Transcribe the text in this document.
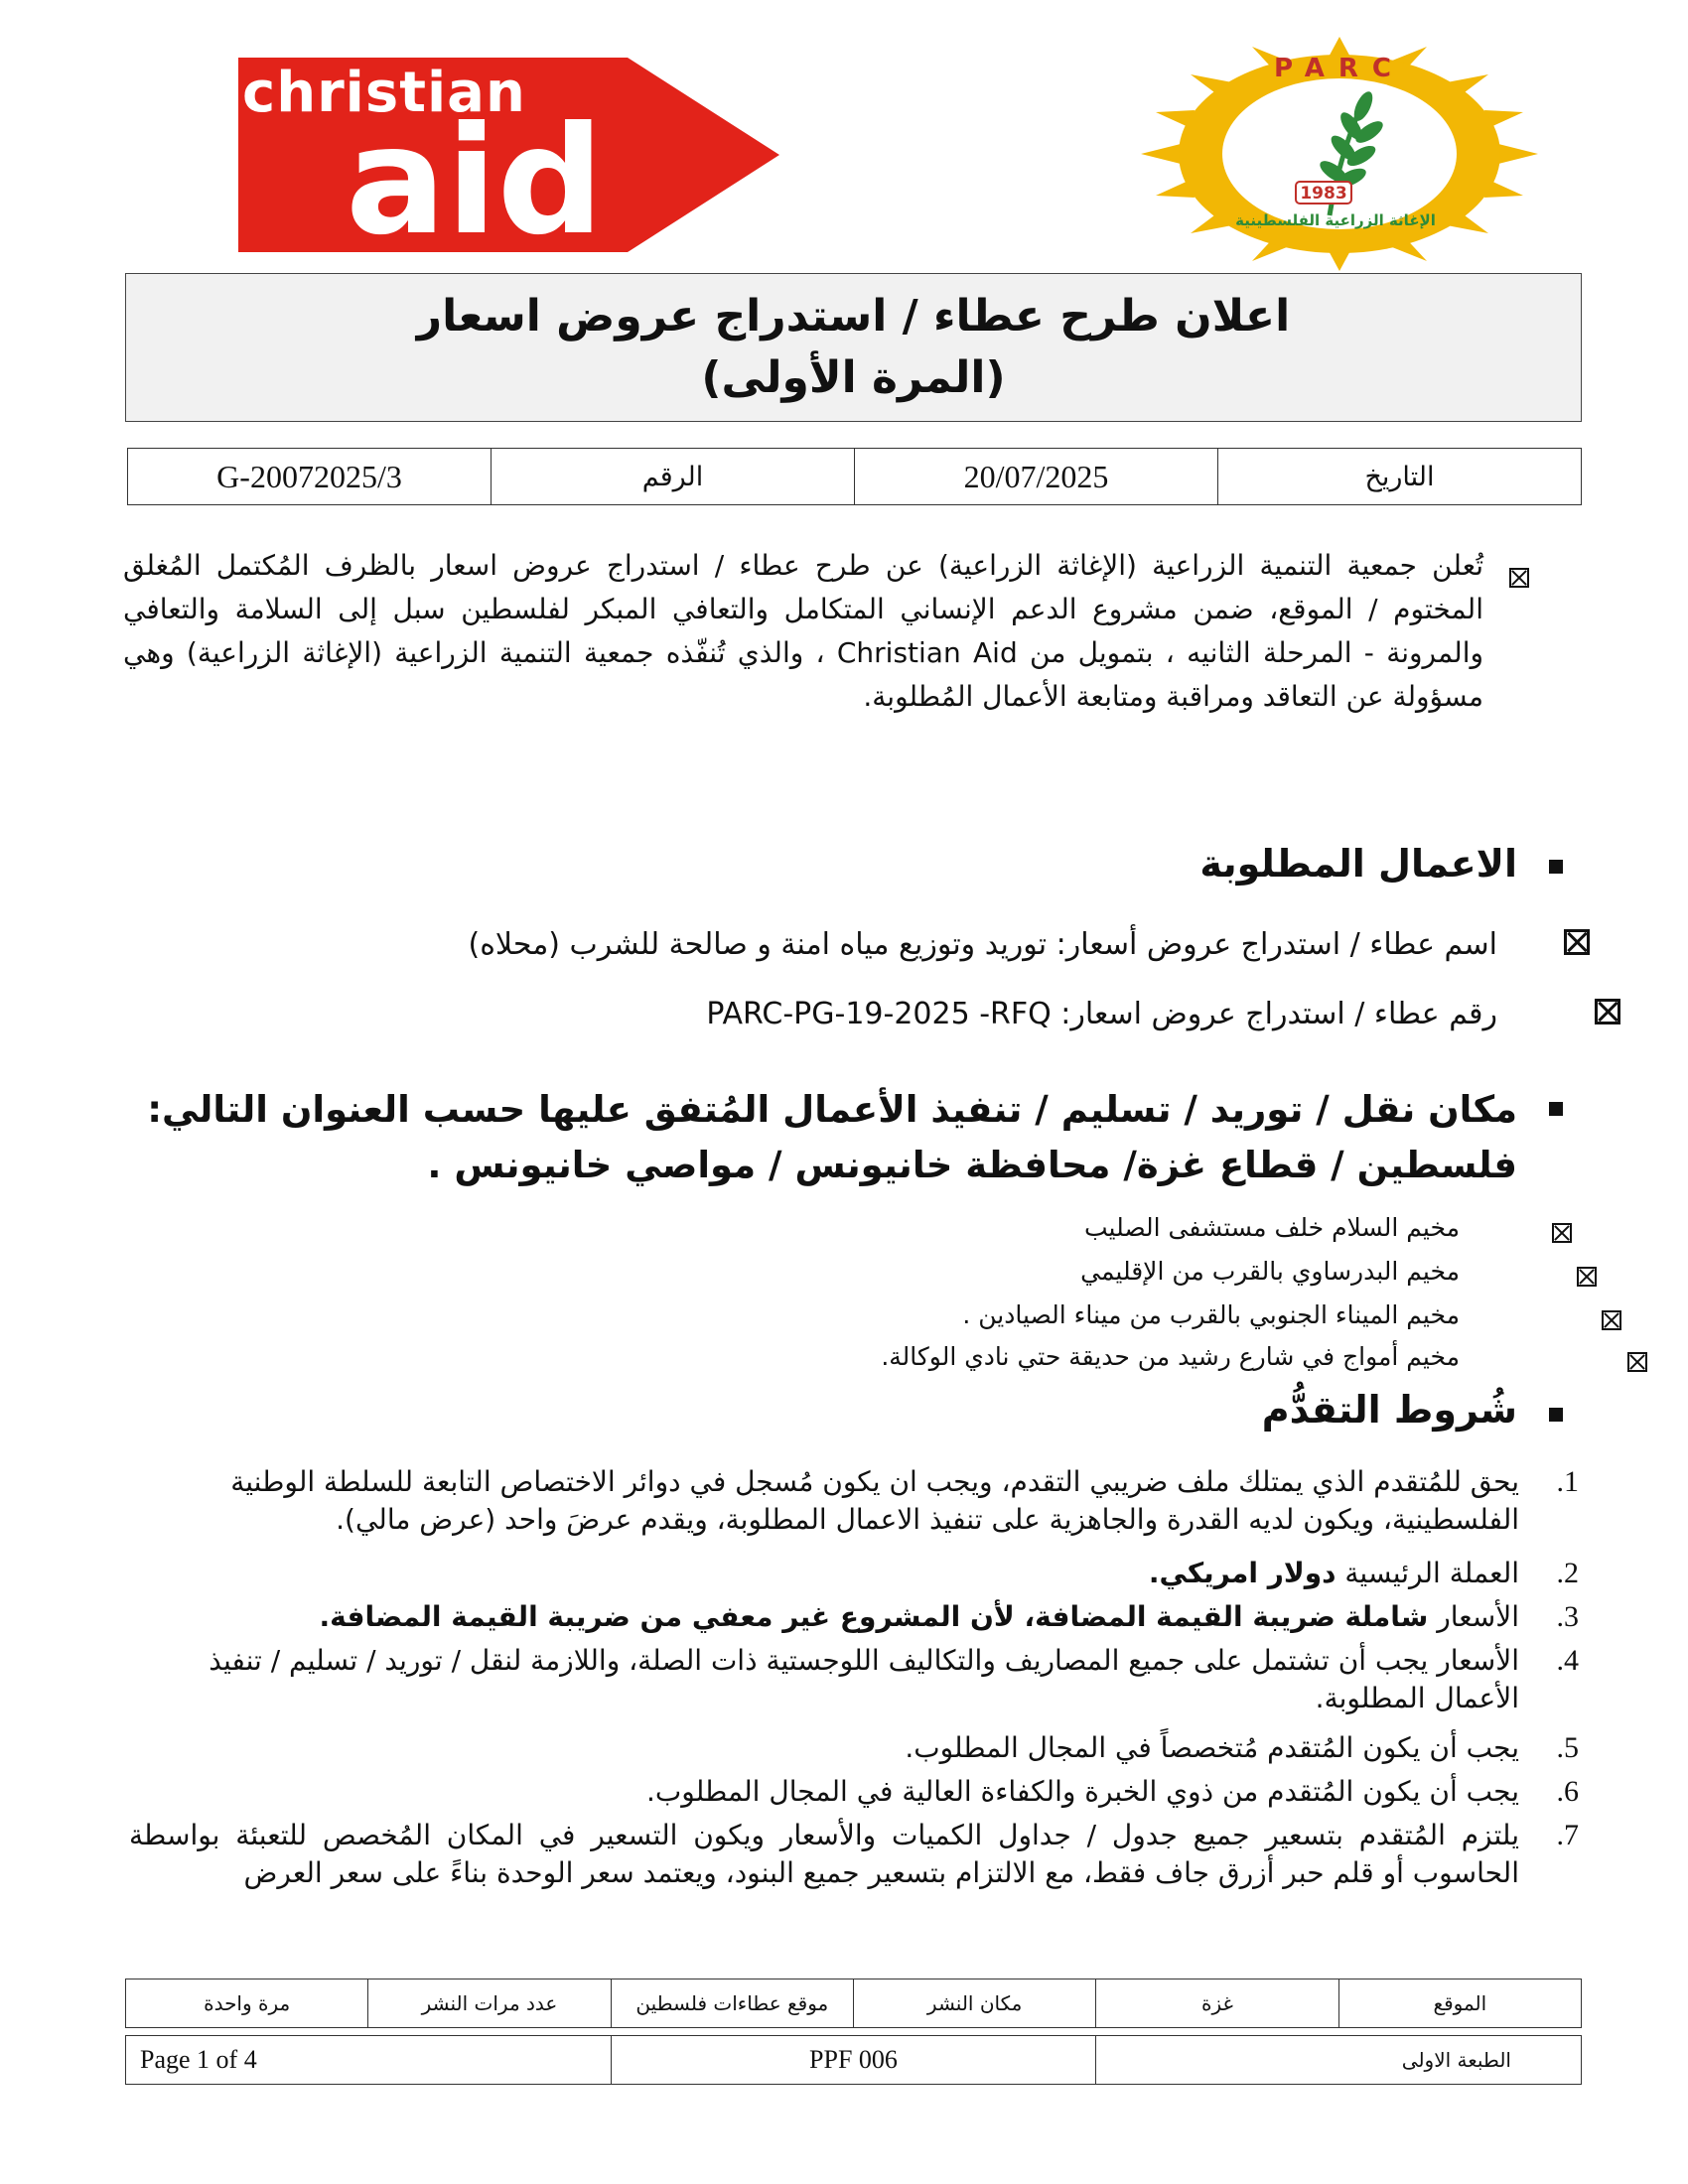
christian
aid
PARC
1983
الإغاثة الزراعية الفلسطينية
اعلان طرح عطاء / استدراج عروض اسعار
(المرة الأولى)
G-20072025/3	الرقم	20/07/2025	التاريخ

تُعلن جمعية التنمية الزراعية (الإغاثة الزراعية) عن طرح عطاء / استدراج عروض اسعار بالظرف المُكتمل المُغلق المختوم / الموقع، ضمن مشروع الدعم الإنساني المتكامل والتعافي المبكر لفلسطين سبل إلى السلامة والتعافي والمرونة - المرحلة الثانيه ، بتمويل من Christian Aid ، والذي تُنفّذه جمعية التنمية الزراعية (الإغاثة الزراعية) وهي مسؤولة عن التعاقد ومراقبة ومتابعة الأعمال المُطلوبة.
الاعمال المطلوبة

اسم عطاء / استدراج عروض أسعار: توريد وتوزيع مياه امنة و صالحة للشرب (محلاه)

رقم عطاء / استدراج عروض اسعار: PARC-PG-19-2025 -RFQ
مكان نقل / توريد / تسليم / تنفيذ الأعمال المُتفق عليها حسب العنوان التالي:
فلسطين / قطاع غزة/ محافظة خانيونس / مواصي خانيونس .

مخيم السلام خلف مستشفى الصليب

مخيم البدرساوي بالقرب من الإقليمي

مخيم الميناء الجنوبي بالقرب من ميناء الصيادين .
مخيم أمواج في شارع رشيد من حديقة حتي نادي الوكالة.
شُروط التقدُّم
1.
يحق للمُتقدم الذي يمتلك ملف ضريبي التقدم، ويجب ان يكون مُسجل في دوائر الاختصاص التابعة للسلطة الوطنية الفلسطينية، ويكون لديه القدرة والجاهزية على تنفيذ الاعمال المطلوبة، ويقدم عرضَ واحد (عرض مالي).
2.
العملة الرئيسية دولار امريكي.
3.
الأسعار شاملة ضريبة القيمة المضافة، لأن المشروع غير معفي من ضريبة القيمة المضافة.
4.
الأسعار يجب أن تشتمل على جميع المصاريف والتكاليف اللوجستية ذات الصلة، واللازمة لنقل / توريد / تسليم / تنفيذ الأعمال المطلوبة.
5.
يجب أن يكون المُتقدم مُتخصصاً في المجال المطلوب.
6.
يجب أن يكون المُتقدم من ذوي الخبرة والكفاءة العالية في المجال المطلوب.
7.
يلتزم المُتقدم بتسعير جميع جدول / جداول الكميات والأسعار ويكون التسعير في المكان المُخصص للتعبئة بواسطة الحاسوب أو قلم حبر أزرق جاف فقط، مع الالتزام بتسعير جميع البنود، ويعتمد سعر الوحدة بناءً على سعر العرض
مرة واحدة	عدد مرات النشر	موقع عطاءات فلسطين	مكان النشر	غزة	الموقع
Page 1 of 4	PPF 006	الطبعة الاولى
